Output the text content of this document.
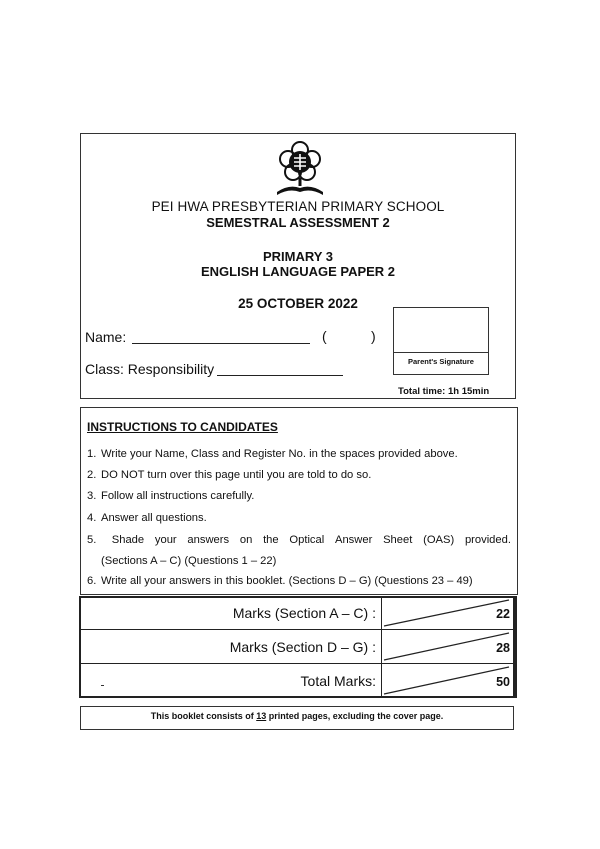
PEI HWA PRESBYTERIAN PRIMARY SCHOOL
SEMESTRAL ASSESSMENT 2
PRIMARY 3
ENGLISH LANGUAGE PAPER 2
25 OCTOBER 2022
Name:	(	)
Class: Responsibility	Parent's Signature
Total time: 1h 15min
INSTRUCTIONS TO CANDIDATES
1. Write your Name, Class and Register No. in the spaces provided above.
2. DO NOT turn over this page until you are told to do so.
3. Follow all instructions carefully.
4. Answer all questions.
5.	Shade your answers on the Optical Answer Sheet (OAS) provided.
(Sections A – C) (Questions 1 – 22)
6. Write all your answers in this booklet. (Sections D – G) (Questions 23 – 49)
Marks (Section A – C) :	22
Marks (Section D – G) :	28
Total Marks:	50
This booklet consists of 13 printed pages, excluding the cover page.
